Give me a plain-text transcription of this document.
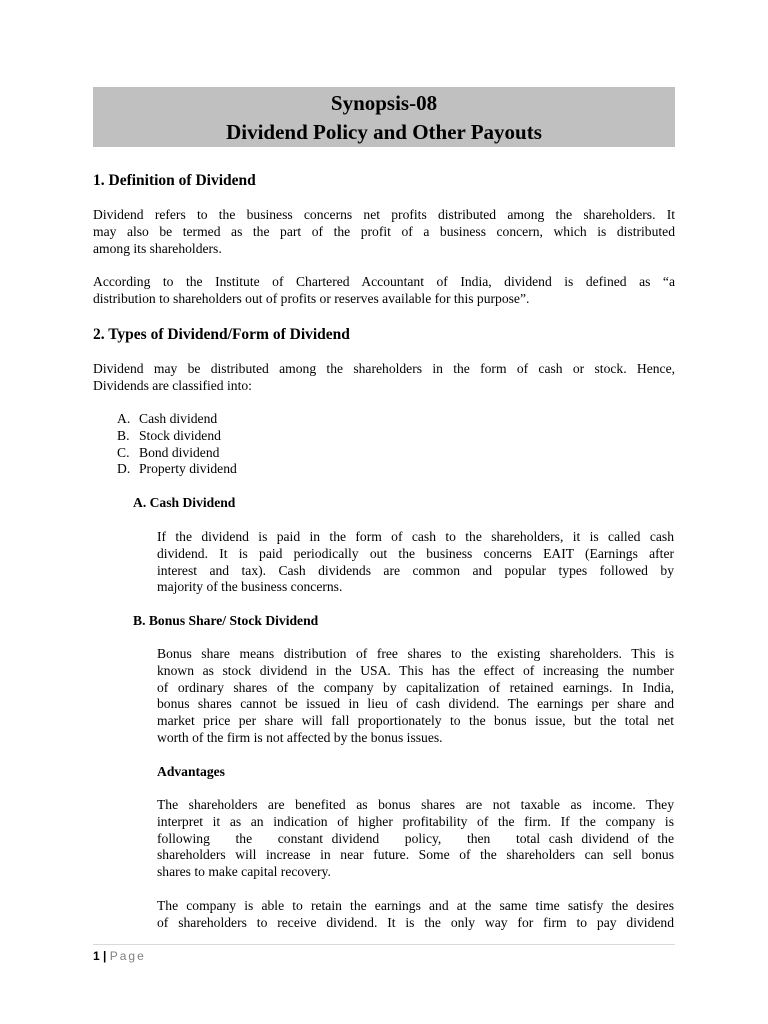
Synopsis-08
Dividend Policy and Other Payouts
1. Definition of Dividend
Dividend refers to the business concerns net profits distributed among the shareholders. It
may also be termed as the part of the profit of a business concern, which is distributed
among its shareholders.
According to the Institute of Chartered Accountant of India, dividend is defined as “a
distribution to shareholders out of profits or reserves available for this purpose”.
2. Types of Dividend/Form of Dividend
Dividend may be distributed among the shareholders in the form of cash or stock. Hence,
Dividends are classified into:
A. Cash dividend
B. Stock dividend
C. Bond dividend
D. Property dividend
A. Cash Dividend
If the dividend is paid in the form of cash to the shareholders, it is called cash
dividend. It is paid periodically out the business concerns EAIT (Earnings after
interest and tax). Cash dividends are common and popular types followed by
majority of the business concerns.
B. Bonus Share/ Stock Dividend
Bonus share means distribution of free shares to the existing shareholders. This is
known as stock dividend in the USA. This has the effect of increasing the number
of ordinary shares of the company by capitalization of retained earnings. In India,
bonus shares cannot be issued in lieu of cash dividend. The earnings per share and
market price per share will fall proportionately to the bonus issue, but the total net
worth of the firm is not affected by the bonus issues.
Advantages
The shareholders are benefited as bonus shares are not taxable as income. They
interpret it as an indication of higher profitability of the firm. If the company is
following   the   constant dividend   policy,   then   total cash dividend of the
shareholders will increase in near future. Some of the shareholders can sell bonus
shares to make capital recovery.
The company is able to retain the earnings and at the same time satisfy the desires
of shareholders to receive dividend. It is the only way for firm to pay dividend
1 | Page
